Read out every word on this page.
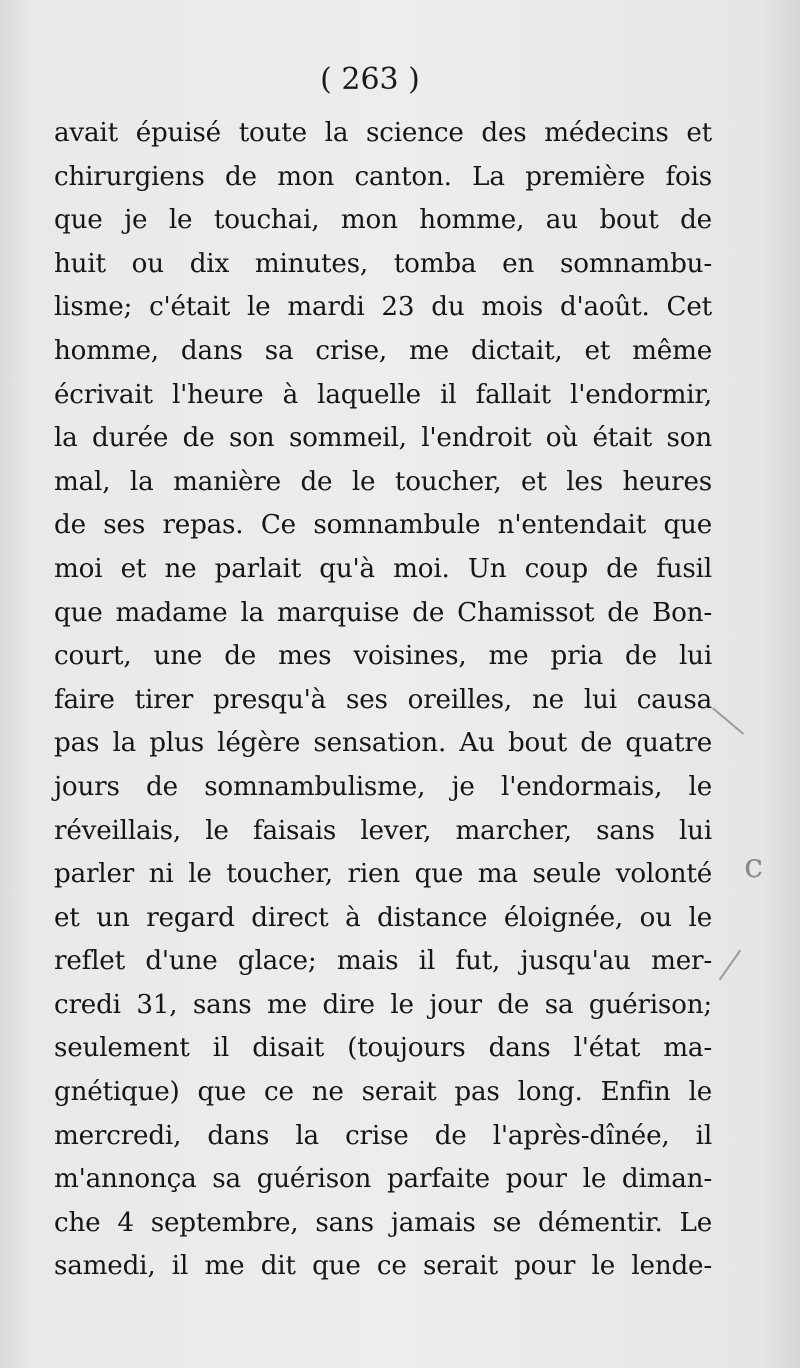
( 263 )
avait épuisé toute la science des médecins et
chirurgiens de mon canton. La première fois
que je le touchai, mon homme, au bout de
huit ou dix minutes, tomba en somnambu-
lisme; c'était le mardi 23 du mois d'août. Cet
homme, dans sa crise, me dictait, et même
écrivait l'heure à laquelle il fallait l'endormir,
la durée de son sommeil, l'endroit où était son
mal, la manière de le toucher, et les heures
de ses repas. Ce somnambule n'entendait que
moi et ne parlait qu'à moi. Un coup de fusil
que madame la marquise de Chamissot de Bon-
court, une de mes voisines, me pria de lui
faire tirer presqu'à ses oreilles, ne lui causa
pas la plus légère sensation. Au bout de quatre
jours de somnambulisme, je l'endormais, le
réveillais, le faisais lever, marcher, sans lui
parler ni le toucher, rien que ma seule volonté
et un regard direct à distance éloignée, ou le
reflet d'une glace; mais il fut, jusqu'au mer-
credi 31, sans me dire le jour de sa guérison;
seulement il disait (toujours dans l'état ma-
gnétique) que ce ne serait pas long. Enfin le
mercredi, dans la crise de l'après-dînée, il
m'annonça sa guérison parfaite pour le diman-
che 4 septembre, sans jamais se démentir. Le
samedi, il me dit que ce serait pour le lende-
c
